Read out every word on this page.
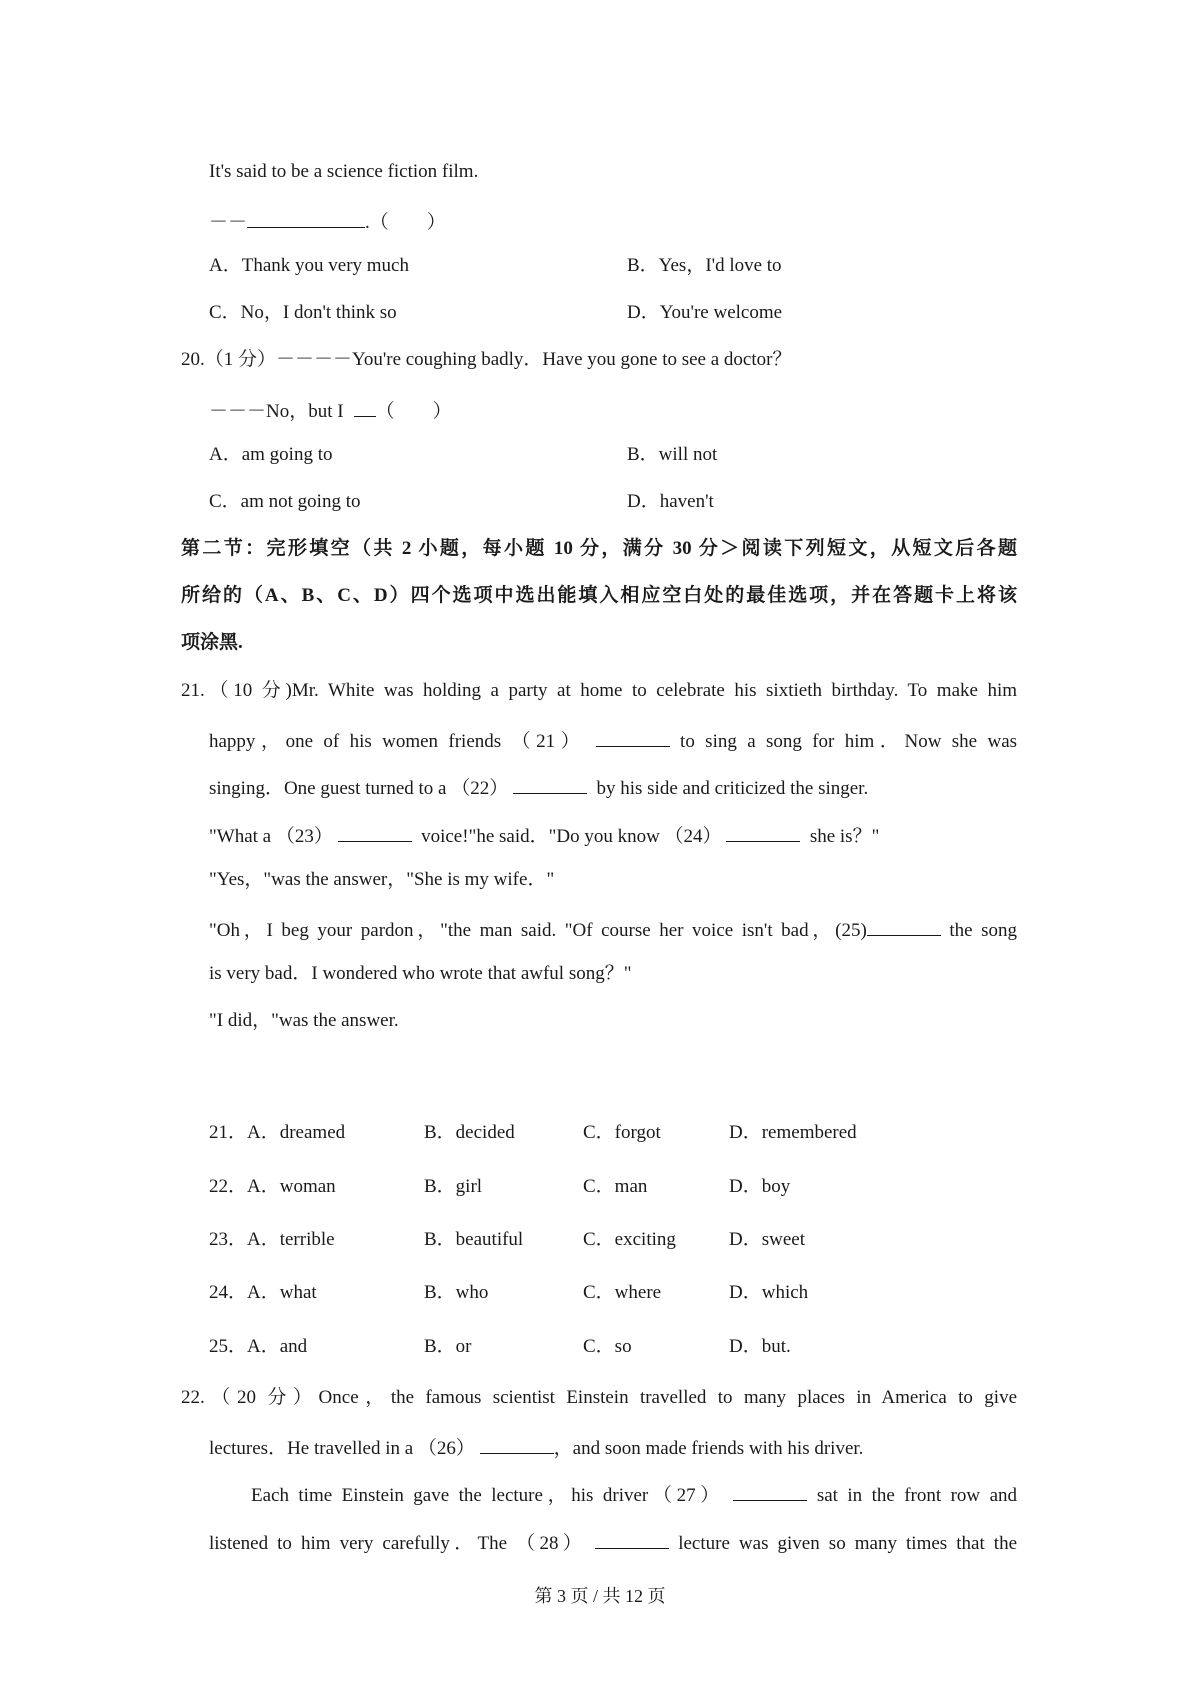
It's said to be a science fiction film.
－－	.（　　）
A．Thank you very much	B．Yes，I'd love to
C．No，I don't think so	D．You're welcome
20.（1 分）－－－－You're coughing badly．Have you gone to see a doctor？
－－－No，but I （　　）
A．am going to	B．will not
C．am not going to	D．haven't
第二节：完形填空（共 2 小题，每小题 10 分，满分 30 分＞阅读下列短文，从短文后各题
所给的（A、B、C、D）四个选项中选出能填入相应空白处的最佳选项，并在答题卡上将该
项涂黑.
21.（10 分)Mr. White was holding a party at home to celebrate his sixtieth birthday. To make him
happy，one of his women friends （21）	to sing a song for him．Now she was
singing．One guest turned to a （22）	by his side and criticized the singer.
"What a （23）	voice!"he said．"Do you know （24）	she is？"
"Yes，"was the answer，"She is my wife．"
"Oh，I beg your pardon，"the man said. "Of course her voice isn't bad，(25)	the song
is very bad．I wondered who wrote that awful song？"
"I did，"was the answer.
21．A．dreamed	B．decided	C．forgot	D．remembered
22．A．woman	B．girl	C．man	D．boy
23．A．terrible	B．beautiful	C．exciting	D．sweet
24．A．what	B．who	C．where	D．which
25．A．and	B．or	C．so	D．but.
22.（20 分）Once，the famous scientist Einstein travelled to many places in America to give
lectures．He travelled in a （26）	，and soon made friends with his driver.
Each time Einstein gave the lecture，his driver（27）	sat in the front row and
listened to him very carefully．The （28）	lecture was given so many times that the
第 3 页 / 共 12 页
